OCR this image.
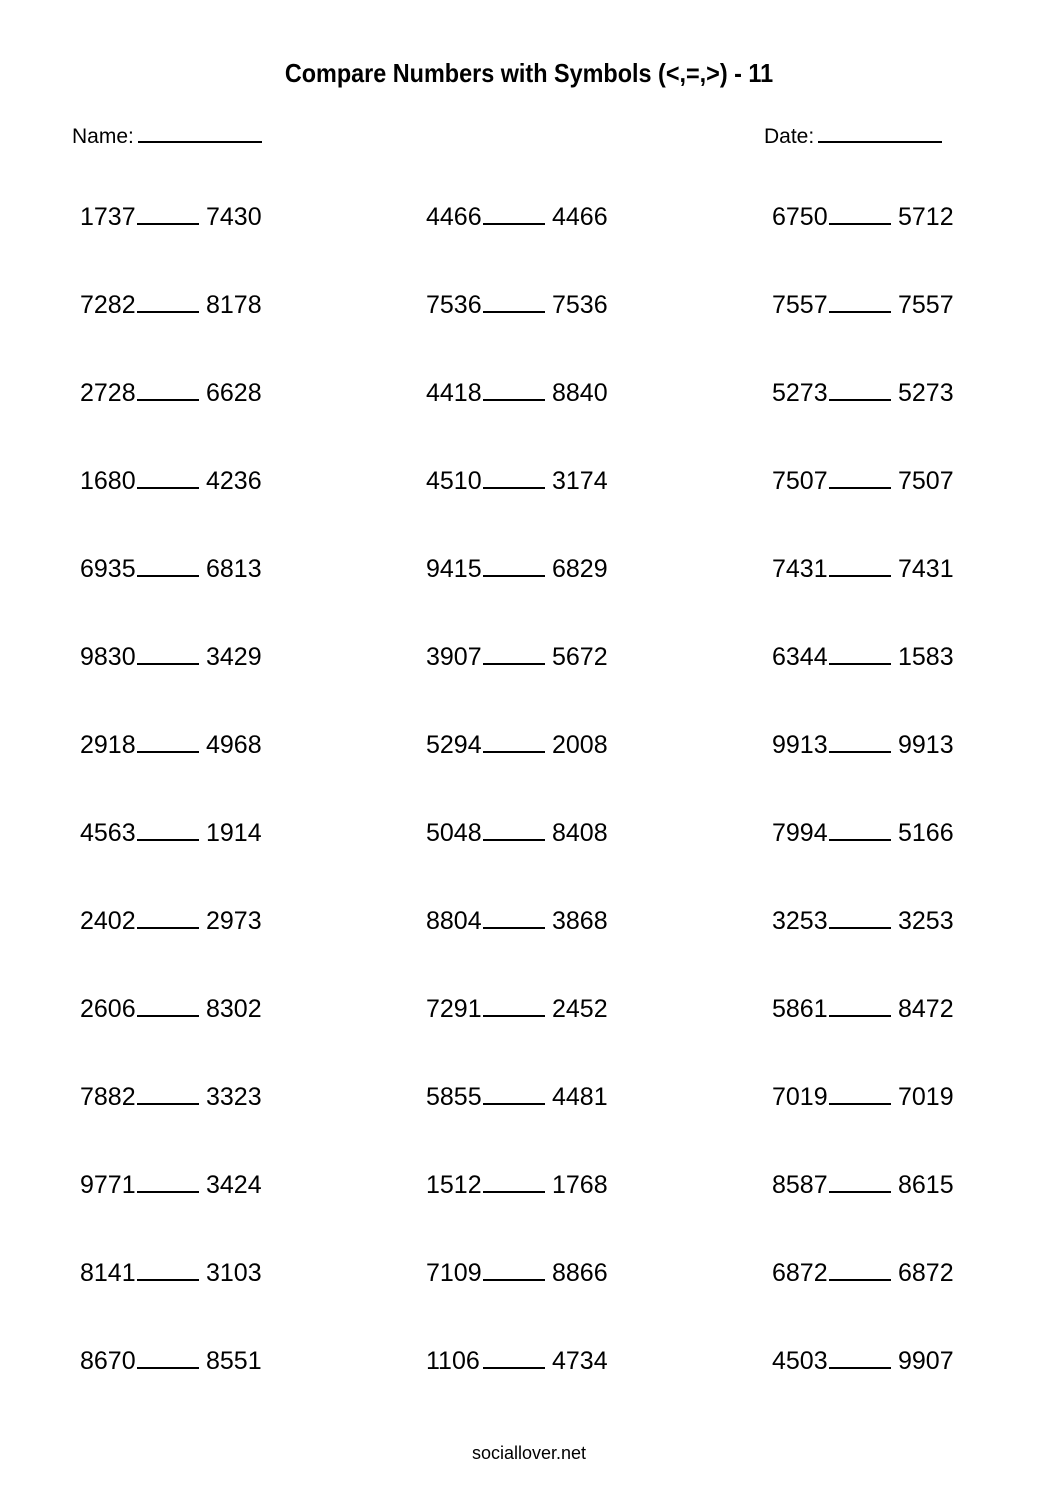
Compare Numbers with Symbols (<,=,>) - 11
Name:	Date:
1737	7430	4466	4466	6750	5712
7282	8178	7536	7536	7557	7557
2728	6628	4418	8840	5273	5273
1680	4236	4510	3174	7507	7507
6935	6813	9415	6829	7431	7431
9830	3429	3907	5672	6344	1583
2918	4968	5294	2008	9913	9913
4563	1914	5048	8408	7994	5166
2402	2973	8804	3868	3253	3253
2606	8302	7291	2452	5861	8472
7882	3323	5855	4481	7019	7019
9771	3424	1512	1768	8587	8615
8141	3103	7109	8866	6872	6872
8670	8551	1106	4734	4503	9907
sociallover.net
